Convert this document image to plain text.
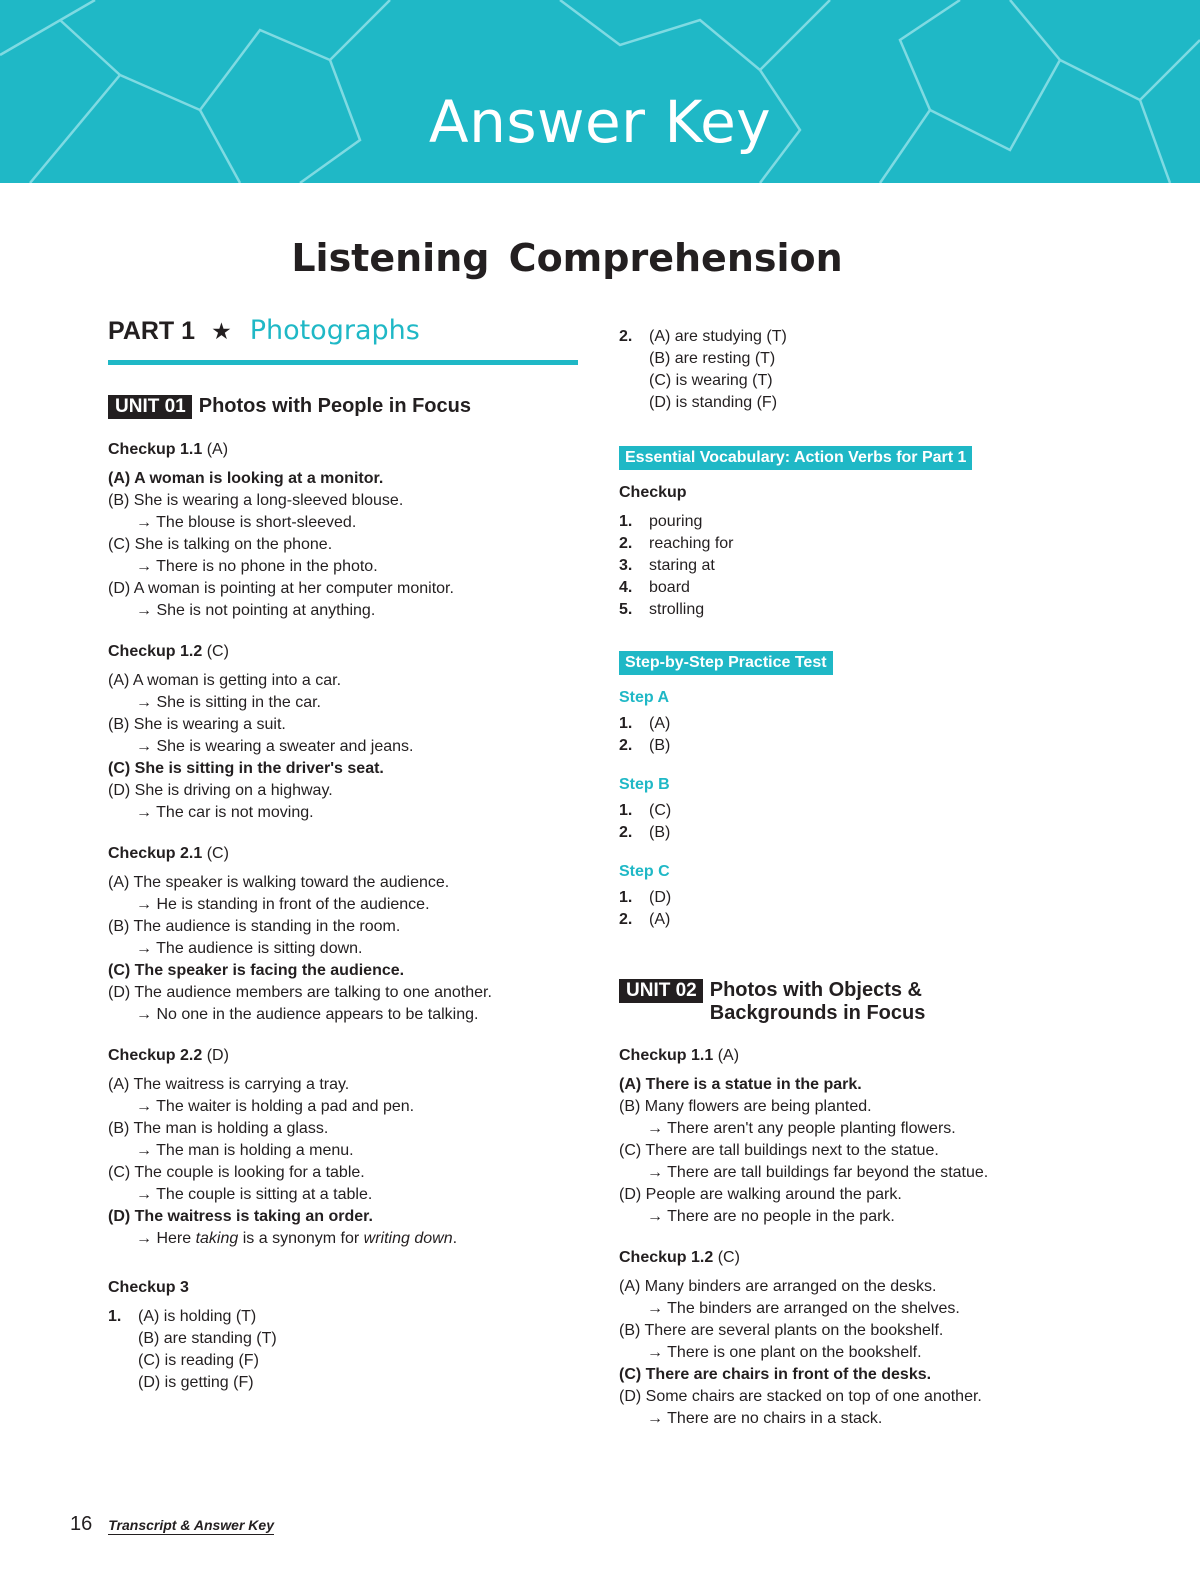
Answer Key
Listening Comprehension
PART 1 ★ Photographs
UNIT 01 Photos with People in Focus
Checkup 1.1 (A)
(A) A woman is looking at a monitor.
(B) She is wearing a long-sleeved blouse.
→ The blouse is short-sleeved.
(C) She is talking on the phone.
→ There is no phone in the photo.
(D) A woman is pointing at her computer monitor.
→ She is not pointing at anything.
Checkup 1.2 (C)
(A) A woman is getting into a car.
→ She is sitting in the car.
(B) She is wearing a suit.
→ She is wearing a sweater and jeans.
(C) She is sitting in the driver's seat.
(D) She is driving on a highway.
→ The car is not moving.
Checkup 2.1 (C)
(A) The speaker is walking toward the audience.
→ He is standing in front of the audience.
(B) The audience is standing in the room.
→ The audience is sitting down.
(C) The speaker is facing the audience.
(D) The audience members are talking to one another.
→ No one in the audience appears to be talking.
Checkup 2.2 (D)
(A) The waitress is carrying a tray.
→ The waiter is holding a pad and pen.
(B) The man is holding a glass.
→ The man is holding a menu.
(C) The couple is looking for a table.
→ The couple is sitting at a table.
(D) The waitress is taking an order.
→ Here taking is a synonym for writing down.
Checkup 3
1.	(A) is holding (T)
(B) are standing (T)
(C) is reading (F)
(D) is getting (F)
2.	(A) are studying (T)
(B) are resting (T)
(C) is wearing (T)
(D) is standing (F)
Essential Vocabulary: Action Verbs for Part 1
Checkup
1.	pouring
2.	reaching for
3.	staring at
4.	board
5.	strolling
Step-by-Step Practice Test
Step A
1.	(A)
2.	(B)
Step B
1.	(C)
2.	(B)
Step C
1.	(D)
2.	(A)
UNIT 02 Photos with Objects &
Backgrounds in Focus
Checkup 1.1 (A)
(A) There is a statue in the park.
(B) Many flowers are being planted.
→ There aren't any people planting flowers.
(C) There are tall buildings next to the statue.
→ There are tall buildings far beyond the statue.
(D) People are walking around the park.
→ There are no people in the park.
Checkup 1.2 (C)
(A) Many binders are arranged on the desks.
→ The binders are arranged on the shelves.
(B) There are several plants on the bookshelf.
→ There is one plant on the bookshelf.
(C) There are chairs in front of the desks.
(D) Some chairs are stacked on top of one another.
→ There are no chairs in a stack.
16 Transcript & Answer Key
